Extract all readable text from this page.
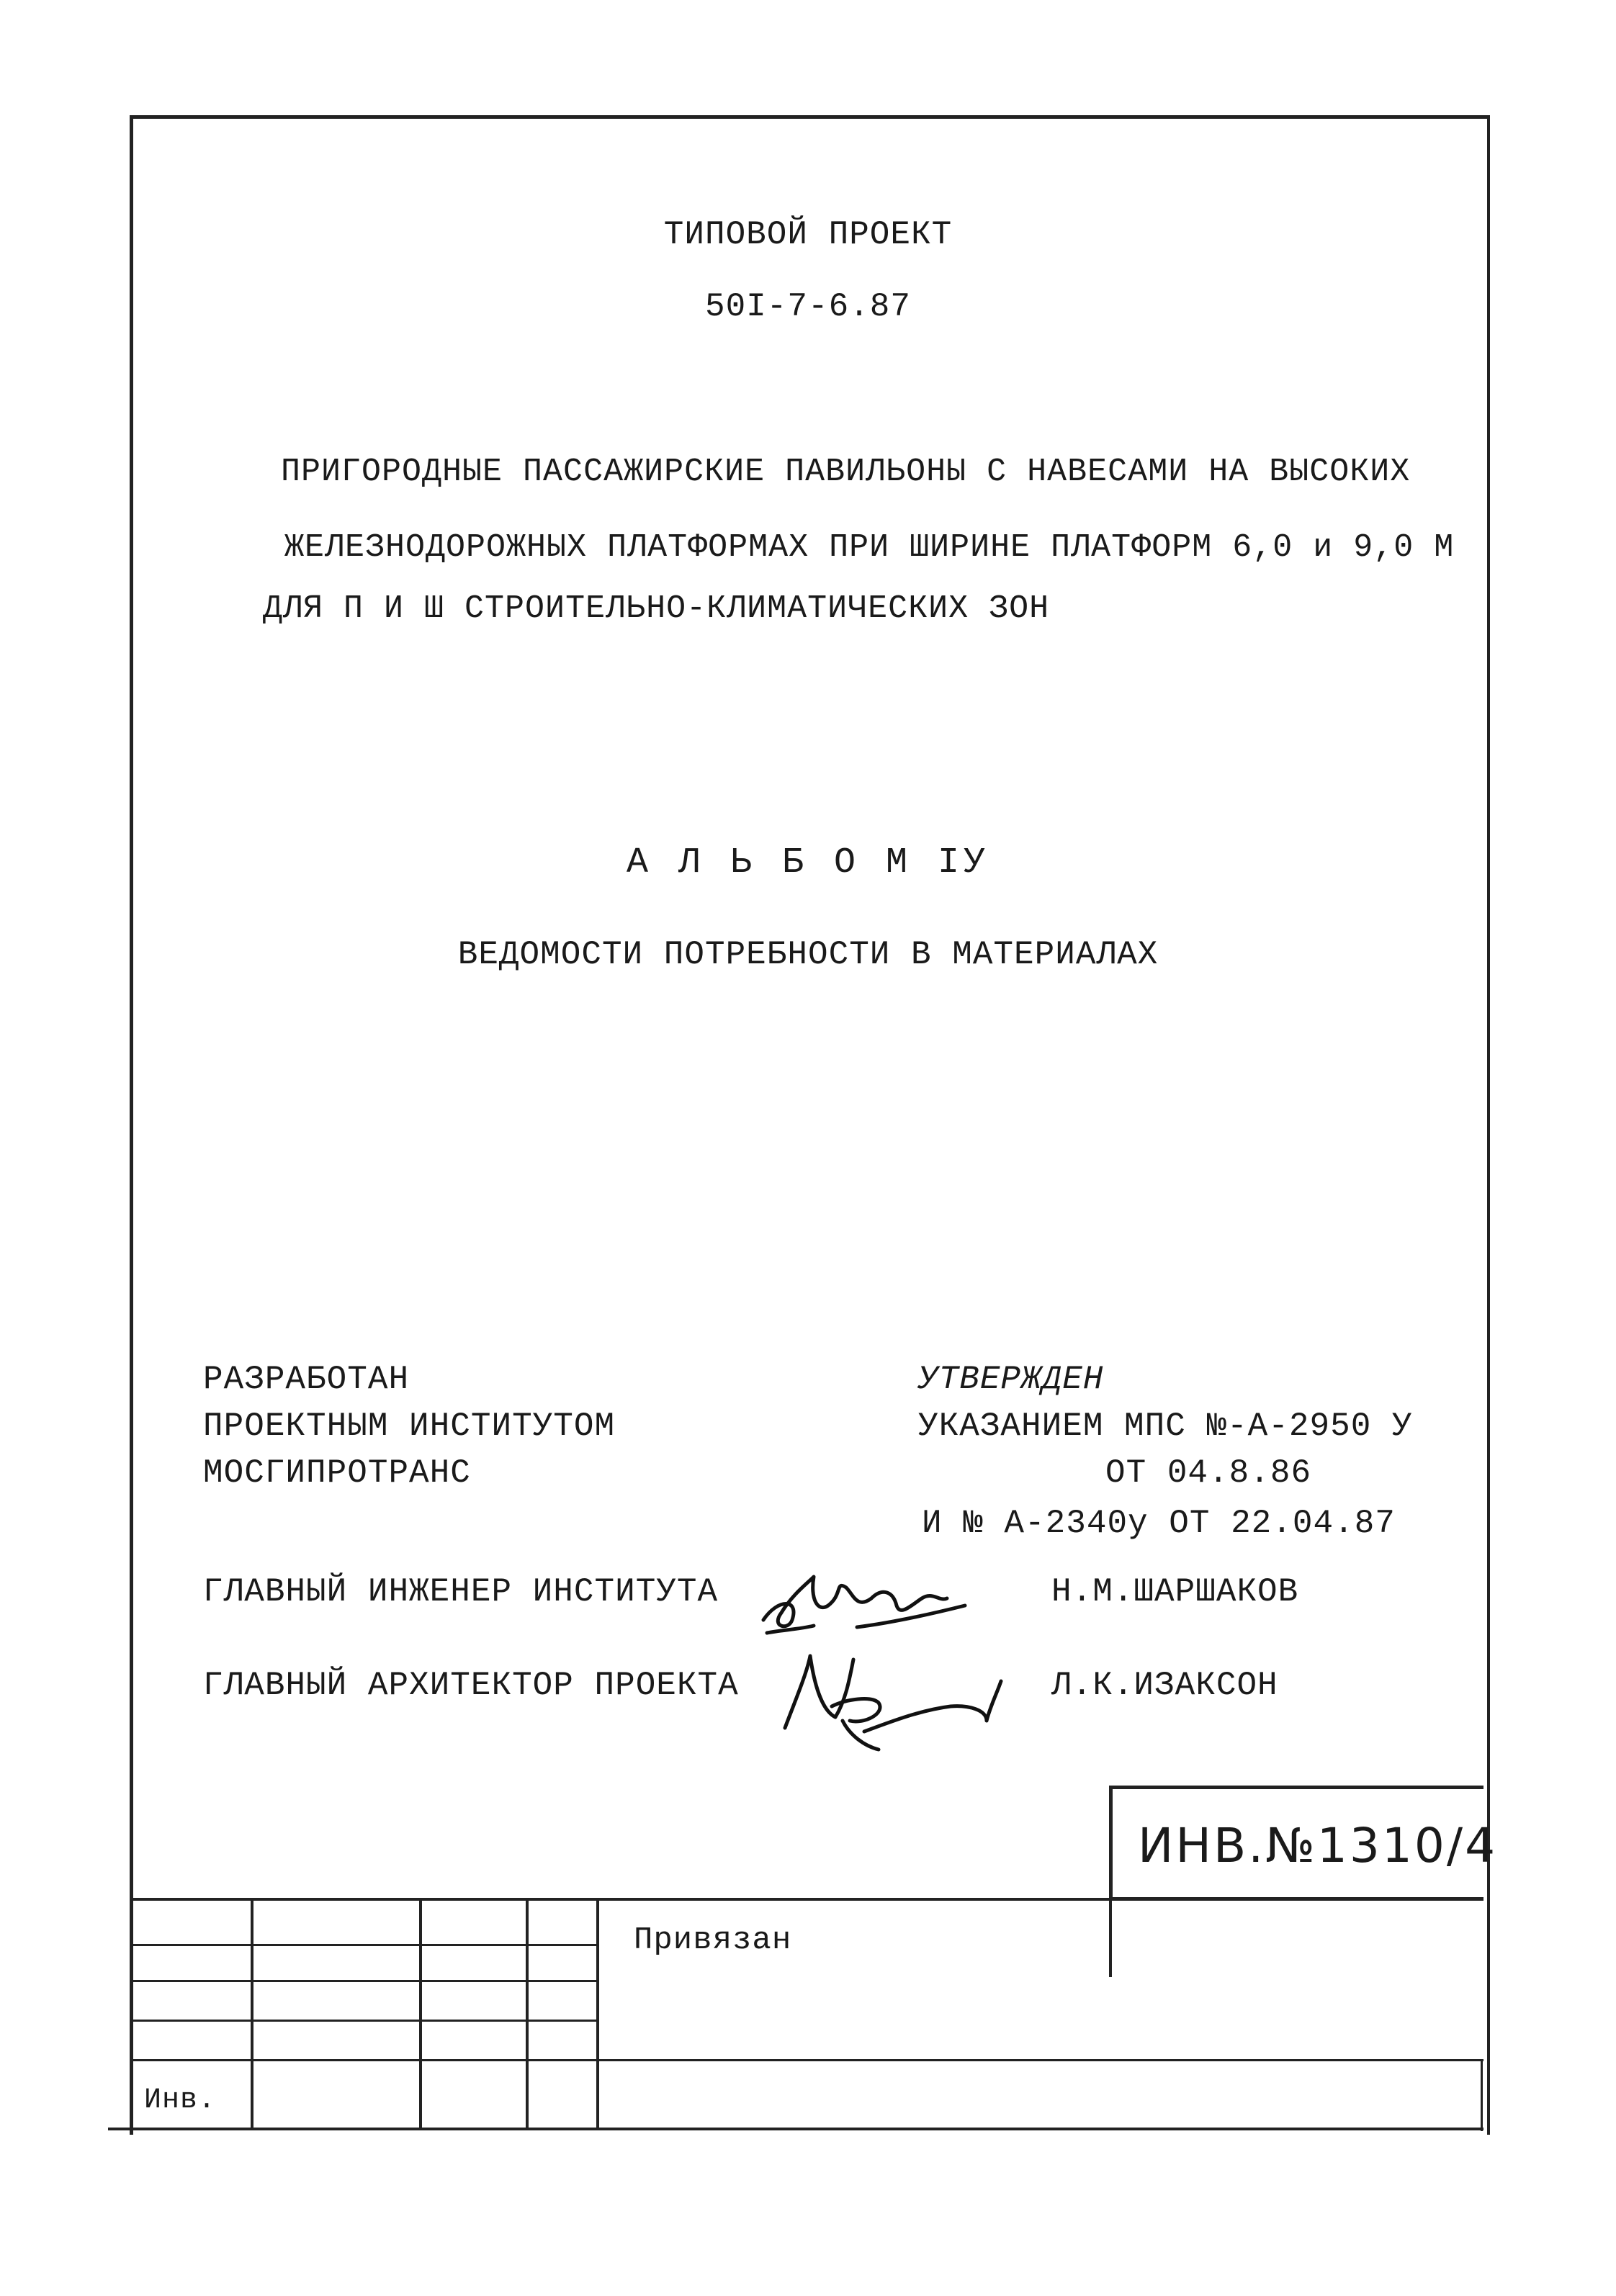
ТИПОВОЙ ПРОЕКТ
50I-7-6.87
ПРИГОРОДНЫЕ ПАССАЖИРСКИЕ ПАВИЛЬОНЫ С НАВЕСАМИ НА ВЫСОКИХ
ЖЕЛЕЗНОДОРОЖНЫХ ПЛАТФОРМАХ ПРИ ШИРИНЕ ПЛАТФОРМ 6,0 и 9,0 М
ДЛЯ П И Ш СТРОИТЕЛЬНО-КЛИМАТИЧЕСКИХ ЗОН
А Л Ь Б О М IУ
ВЕДОМОСТИ ПОТРЕБНОСТИ В МАТЕРИАЛАХ
РАЗРАБОТАН
ПРОЕКТНЫМ ИНСТИТУТОМ
МОСГИПРОТРАНС
УТВЕРЖДЕН
УКАЗАНИЕМ МПС №-А-2950 У
ОТ 04.8.86
И № А-2340у ОТ 22.04.87
ГЛАВНЫЙ ИНЖЕНЕР ИНСТИТУТА	Н.М.ШАРШАКОВ
ГЛАВНЫЙ АРХИТЕКТОР ПРОЕКТА	Л.К.ИЗАКСОН
ИНВ.№1310/4
Привязан
Инв.
